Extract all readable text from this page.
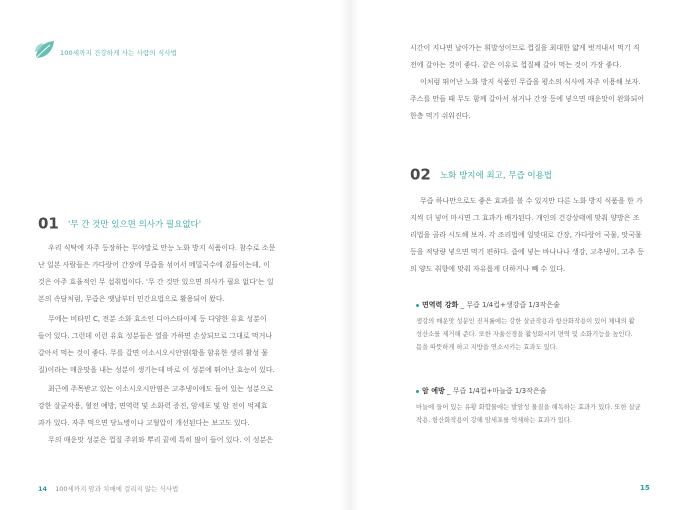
100세까지 건강하게 사는 사람의 식사법
01 '무 간 것만 있으면 의사가 필요없다'
우리 식탁에 자주 등장하는 무야말로 만능 노화 방지 식품이다. 참수로 소문
난 일본 사람들은 가다랑어 간장에 무즙을 섞어서 메밀국수에 곁들이는데, 이
것은 아주 효율적인 무 섭취법이다. '무 간 것만 있으면 의사가 필요 없다'는 일
본의 속담처럼, 무즙은 옛날부터 민간요법으로 활용되어 왔다.
무에는 비타민 C, 전분 소화 효소인 디아스타아제 등 다양한 유효 성분이
들어 있다. 그런데 이런 유효 성분들은 열을 가하면 손상되므로 그대로 먹거나
갈아서 먹는 것이 좋다. 무를 갈면 이소시오시안염(황을 함유한 생리 활성 물
질)이라는 매운맛을 내는 성분이 생기는데 바로 이 성분에 뛰어난 효능이 있다.
최근에 주목받고 있는 이소시오시안염은 고추냉이에도 들어 있는 성분으로
강한 살균작용, 혈전 예방, 면역력 및 소화력 증진, 암세포 및 암 전이 억제효
과가 있다. 자주 먹으면 당뇨병이나 고혈압이 개선된다는 보고도 있다.
무의 매운맛 성분은 껍질 주위와 뿌리 끝에 특히 많이 들어 있다. 이 성분은
14 100세까지 암과 치매에 걸리지 않는 식사법
시간이 지나면 날아가는 휘발성이므로 껍질을 최대한 얇게 벗겨내서 먹기 직
전에 갈아는 것이 좋다. 같은 이유로 껍질째 갈아 먹는 것이 가장 좋다.
이처럼 뛰어난 노화 방지 식품인 무즙을 평소의 식사에 자주 이용해 보자.
주스를 만들 때 무도 함께 갈아서 섞거나 간장 등에 넣으면 매운맛이 완화되어
한층 먹기 쉬워진다.
02 노화 방지에 최고, 무즙 이용법
무즙 하나만으로도 좋은 효과를 볼 수 있지만 다른 노화 방지 식품을 한 가
지씩 더 넣어 마시면 그 효과가 배가된다. 개인의 건강상태에 맞춰 양방은 조
리법을 골라 시도해 보자. 각 조리법에 일맞대로 간장, 가다랑어 국물, 맛국물
등을 적당량 넣으면 먹기 편하다. 즙에 넣는 바나나나 생강, 고추냉이, 고추 등
의 양도 취향에 맞춰 자유롭게 더하거나 빼 수 있다.
면역력 강화 _ 무즙 1/4컵+생강즙 1/3작은술
생강의 매운맛 성분인 진저롤에는 강한 살균작용과 항산화작용이 있어 체내의 활
성산소를 제거해 준다. 또한 자율신경을 활성화시켜 면역 및 소화기능을 높인다.
몸을 따뜻하게 하고 지방을 연소시키는 효과도 있다.
암 예방 _ 무즙 1/4컵+마늘즙 1/3작은술
마늘에 들어 있는 유황 화합물에는 발암성 물질을 해독하는 효과가 있다. 또한 살균
작용, 항산화작용이 강해 암세포를 억제하는 효과가 있다.
15
